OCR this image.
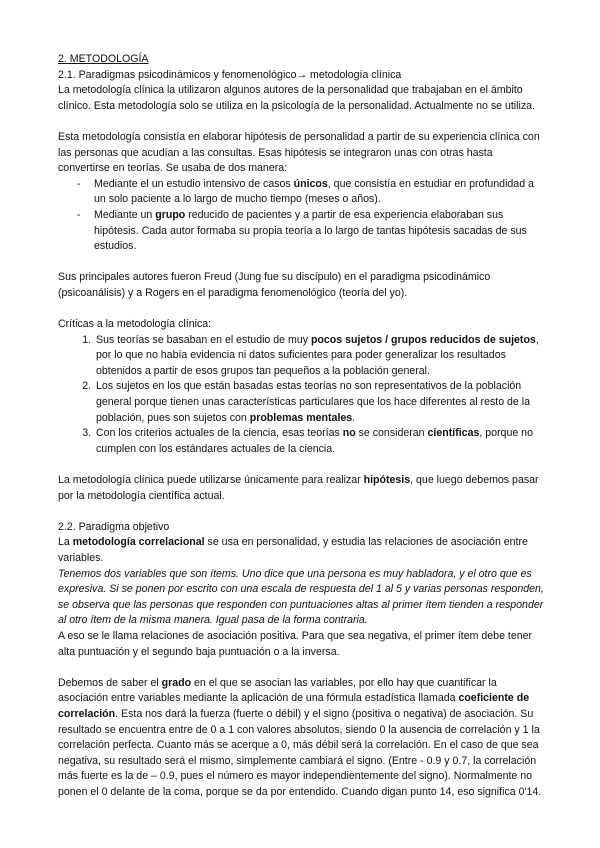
2. METODOLOGÍA

2.1. Paradigmas psicodinámicos y fenomenológico→ metodología clínica

La metodología clínica la utilizaron algunos autores de la personalidad que trabajaban en el ámbito clínico. Esta metodología solo se utiliza en la psicología de la personalidad. Actualmente no se utiliza.

Esta metodología consistía en elaborar hipótesis de personalidad a partir de su experiencia clínica con las personas que acudían a las consultas. Esas hipótesis se integraron unas con otras hasta convertirse en teorías. Se usaba de dos manera:

- Mediante el un estudio intensivo de casos únicos, que consistía en estudiar en profundidad a un solo paciente a lo largo de mucho tiempo (meses o años).
- Mediante un grupo reducido de pacientes y a partir de esa experiencia elaboraban sus hipótesis. Cada autor formaba su propia teoría a lo largo de tantas hipótesis sacadas de sus estudios.

Sus principales autores fueron Freud (Jung fue su discípulo) en el paradigma psicodinámico (psicoanálisis) y a Rogers en el paradigma fenomenológico (teoría del yo).

Críticas a la metodología clínica:

1. Sus teorías se basaban en el estudio de muy pocos sujetos / grupos reducidos de sujetos, por lo que no había evidencia ni datos suficientes para poder generalizar los resultados obtenidos a partir de esos grupos tan pequeños a la población general.
2. Los sujetos en los que están basadas estas teorías no son representativos de la población general porque tienen unas características particulares que los hace diferentes al resto de la población, pues son sujetos con problemas mentales.
3. Con los criterios actuales de la ciencia, esas teorías no se consideran científicas, porque no cumplen con los estándares actuales de la ciencia.

La metodología clínica puede utilizarse únicamente para realizar hipótesis, que luego debemos pasar por la metodología científica actual.

2.2. Paradigma objetivo

La metodología correlacional se usa en personalidad, y estudia las relaciones de asociación entre variables.

Tenemos dos variables que son ítems. Uno dice que una persona es muy habladora, y el otro que es expresiva. Si se ponen por escrito con una escala de respuesta del 1 al 5 y varias personas responden, se observa que las personas que responden con puntuaciones altas al primer ítem tienden a responder al otro ítem de la misma manera. Igual pasa de la forma contraria.

A eso se le llama relaciones de asociación positiva. Para que sea negativa, el primer ítem debe tener alta puntuación y el segundo baja puntuación o a la inversa.

Debemos de saber el grado en el que se asocian las variables, por ello hay que cuantificar la asociación entre variables mediante la aplicación de una fórmula estadística llamada coeficiente de correlación. Esta nos dará la fuerza (fuerte o débil) y el signo (positiva o negativa) de asociación. Su resultado se encuentra entre de 0 a 1 con valores absolutos, siendo 0 la ausencia de correlación y 1 la correlación perfecta. Cuanto más se acerque a 0, más débil será la correlación. En el caso de que sea negativa, su resultado será el mismo, simplemente cambiará el signo. (Entre - 0.9 y 0.7, la correlación más fuerte es la de – 0.9, pues el número es mayor independientemente del signo). Normalmente no ponen el 0 delante de la coma, porque se da por entendido. Cuando digan punto 14, eso significa 0'14.
